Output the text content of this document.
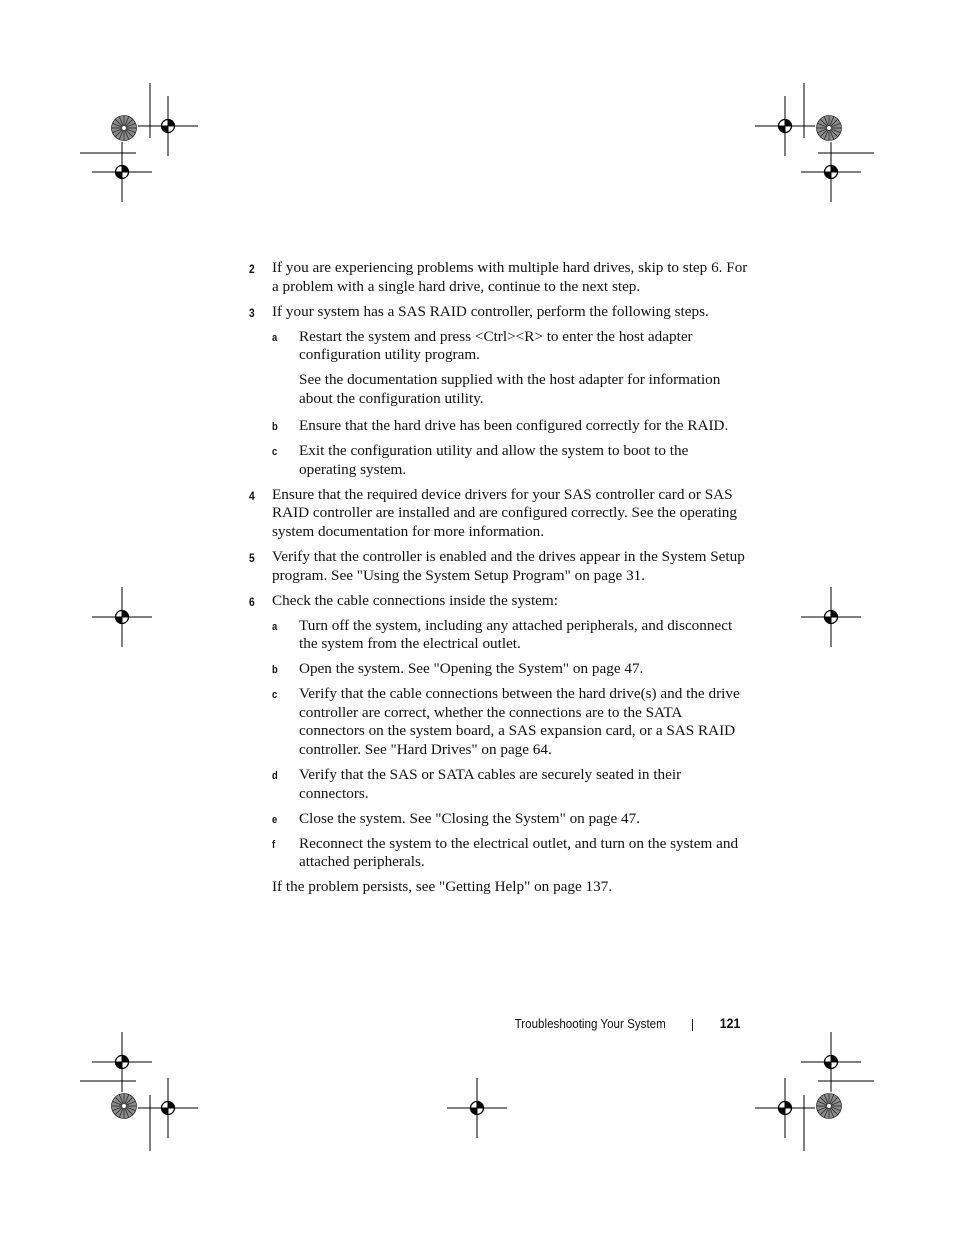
2 If you are experiencing problems with multiple hard drives, skip to step 6. For a problem with a single hard drive, continue to the next step.
3 If your system has a SAS RAID controller, perform the following steps.
a Restart the system and press <Ctrl><R> to enter the host adapter configuration utility program.
See the documentation supplied with the host adapter for information about the configuration utility.
b Ensure that the hard drive has been configured correctly for the RAID.
c Exit the configuration utility and allow the system to boot to the operating system.
4 Ensure that the required device drivers for your SAS controller card or SAS RAID controller are installed and are configured correctly. See the operating system documentation for more information.
5 Verify that the controller is enabled and the drives appear in the System Setup program. See "Using the System Setup Program" on page 31.
6 Check the cable connections inside the system:
a Turn off the system, including any attached peripherals, and disconnect the system from the electrical outlet.
b Open the system. See "Opening the System" on page 47.
c Verify that the cable connections between the hard drive(s) and the drive controller are correct, whether the connections are to the SATA connectors on the system board, a SAS expansion card, or a SAS RAID controller. See "Hard Drives" on page 64.
d Verify that the SAS or SATA cables are securely seated in their connectors.
e Close the system. See "Closing the System" on page 47.
f Reconnect the system to the electrical outlet, and turn on the system and attached peripherals.
If the problem persists, see "Getting Help" on page 137.
Troubleshooting Your System	121
